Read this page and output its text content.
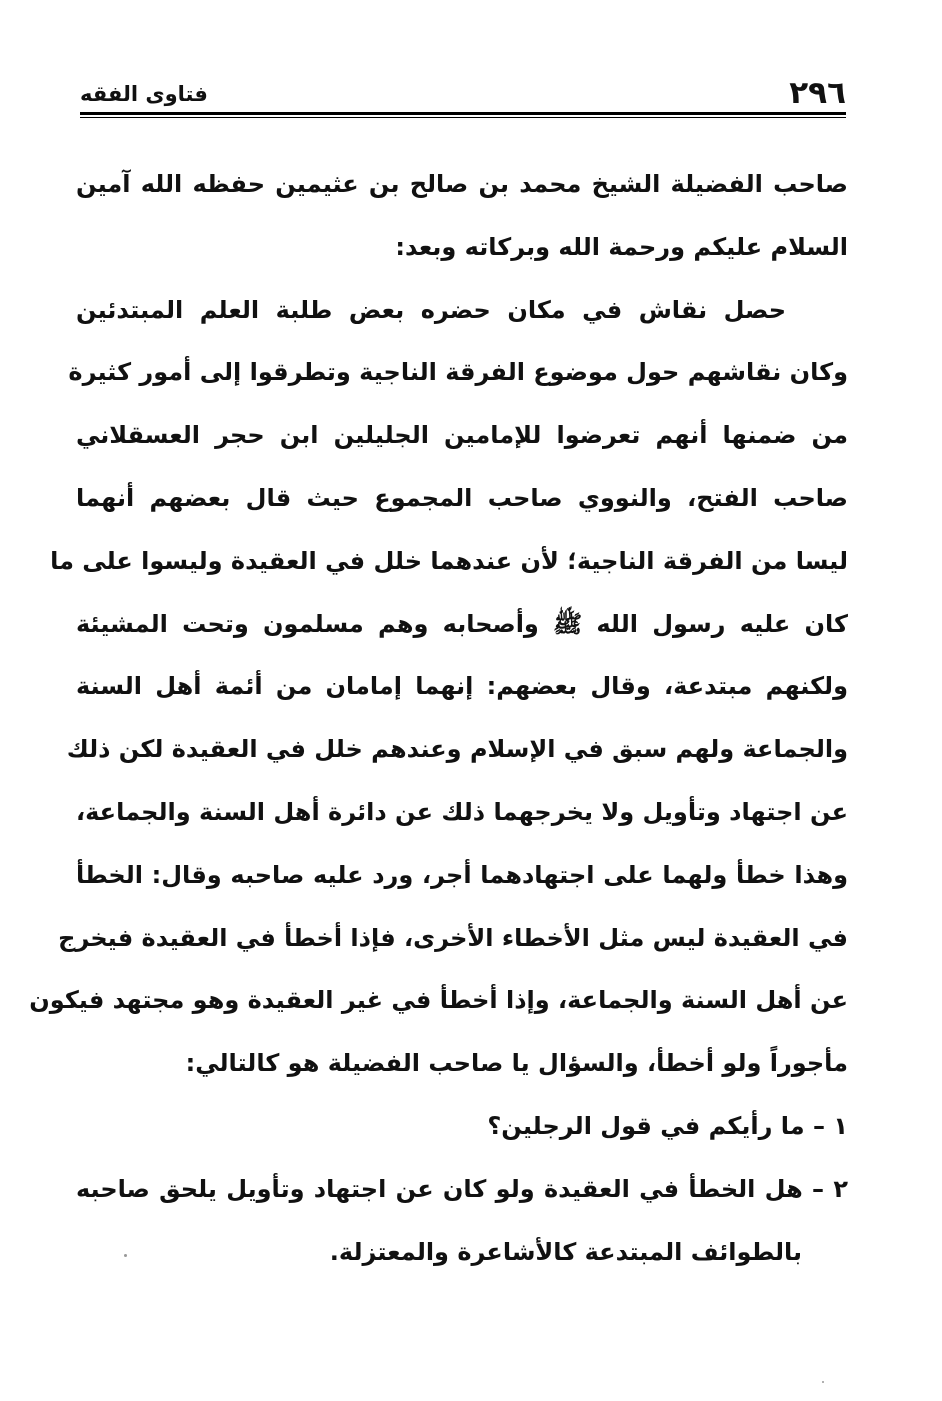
فتاوى الفقه	٢٩٦
صاحب الفضيلة الشيخ محمد بن صالح بن عثيمين حفظه الله آمين
السلام عليكم ورحمة الله وبركاته وبعد:
حصل نقاش في مكان حضره بعض طلبة العلم المبتدئين
وكان نقاشهم حول موضوع الفرقة الناجية وتطرقوا إلى أمور كثيرة
من ضمنها أنهم تعرضوا للإمامين الجليلين ابن حجر العسقلاني
صاحب الفتح، والنووي صاحب المجموع حيث قال بعضهم أنهما
ليسا من الفرقة الناجية؛ لأن عندهما خلل في العقيدة وليسوا على ما
كان عليه رسول الله ﷺ وأصحابه وهم مسلمون وتحت المشيئة
ولكنهم مبتدعة، وقال بعضهم: إنهما إمامان من أئمة أهل السنة
والجماعة ولهم سبق في الإسلام وعندهم خلل في العقيدة لكن ذلك
عن اجتهاد وتأويل ولا يخرجهما ذلك عن دائرة أهل السنة والجماعة،
وهذا خطأ ولهما على اجتهادهما أجر، ورد عليه صاحبه وقال: الخطأ
في العقيدة ليس مثل الأخطاء الأخرى، فإذا أخطأ في العقيدة فيخرج
عن أهل السنة والجماعة، وإذا أخطأ في غير العقيدة وهو مجتهد فيكون
مأجوراً ولو أخطأ، والسؤال يا صاحب الفضيلة هو كالتالي:
١ – ما رأيكم في قول الرجلين؟
٢ – هل الخطأ في العقيدة ولو كان عن اجتهاد وتأويل يلحق صاحبه
بالطوائف المبتدعة كالأشاعرة والمعتزلة.
